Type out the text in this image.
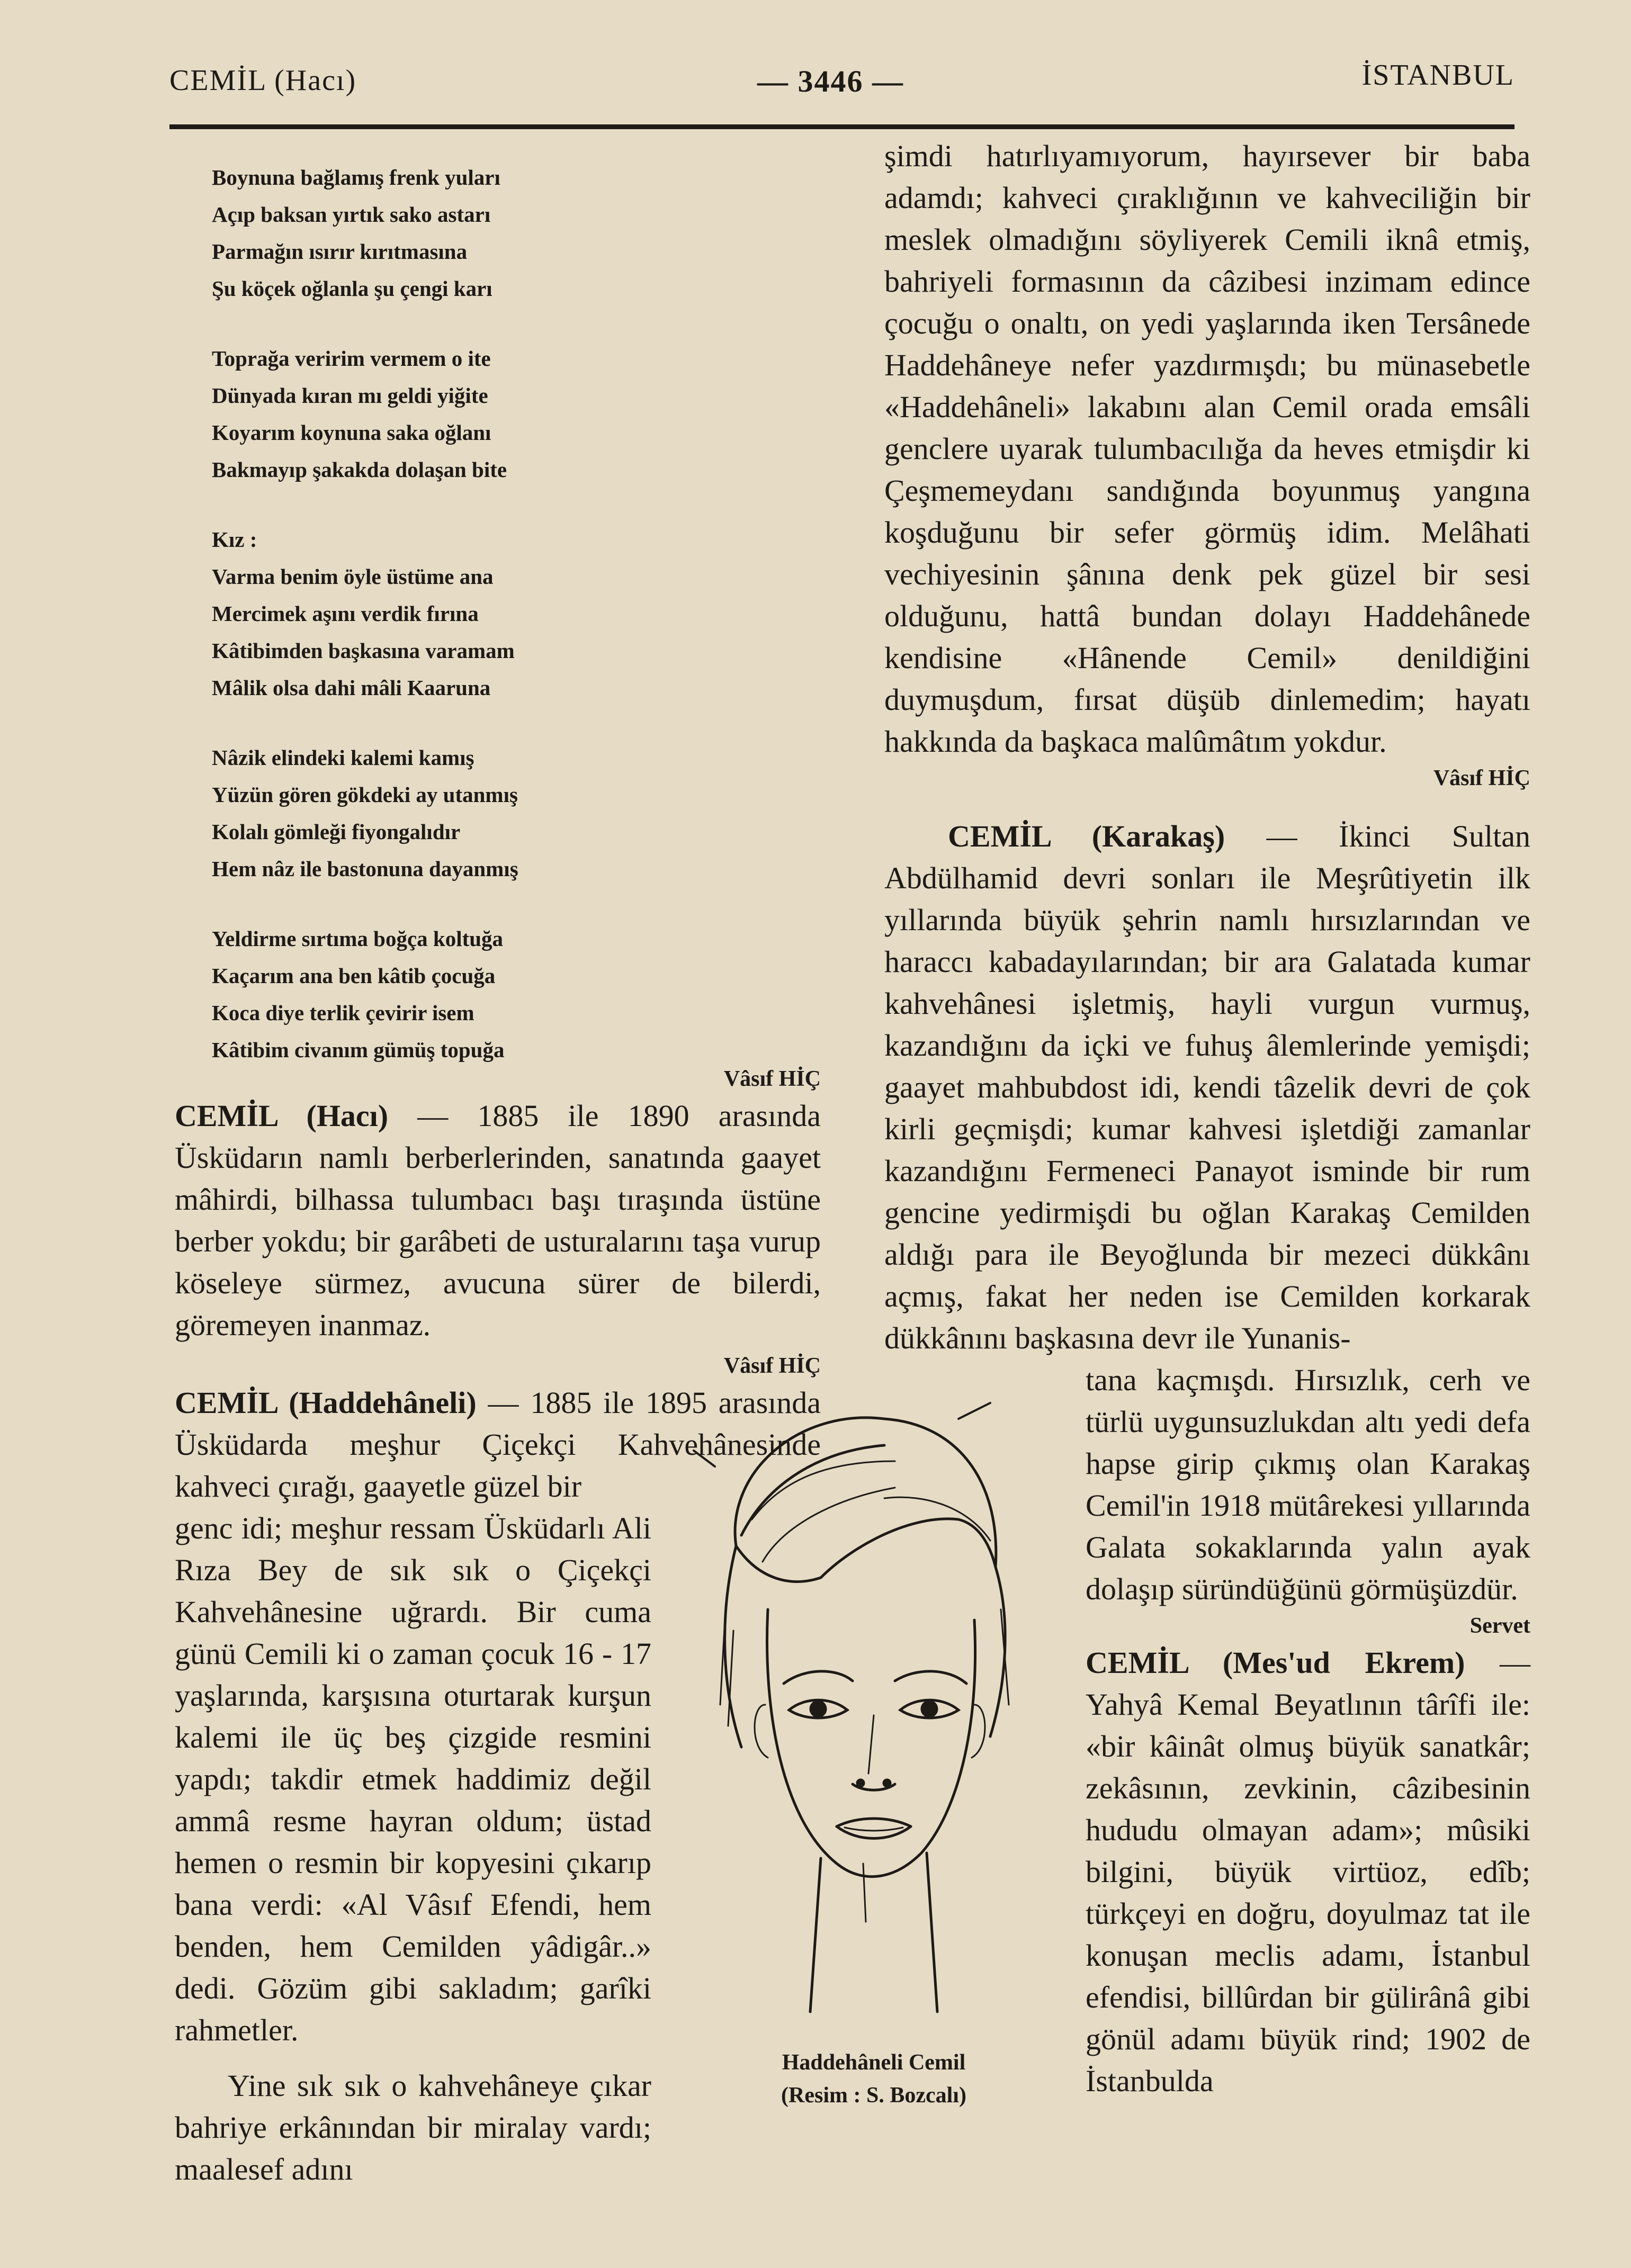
CEMİL (Hacı)	— 3446 —	İSTANBUL
Boynuna bağlamış frenk yuları
Açıp baksan yırtık sako astarı
Parmağın ısırır kırıtmasına
Şu köçek oğlanla şu çengi karı
Toprağa veririm vermem o ite
Dünyada kıran mı geldi yiğite
Koyarım koynuna saka oğlanı
Bakmayıp şakakda dolaşan bite
Kız :
Varma benim öyle üstüme ana
Mercimek aşını verdik fırına
Kâtibimden başkasına varamam
Mâlik olsa dahi mâli Kaaruna
Nâzik elindeki kalemi kamış
Yüzün gören gökdeki ay utanmış
Kolalı gömleği fiyongalıdır
Hem nâz ile bastonuna dayanmış
Yeldirme sırtıma boğça koltuğa
Kaçarım ana ben kâtib çocuğa
Koca diye terlik çevirir isem
Kâtibim civanım gümüş topuğa
Vâsıf HİÇ
CEMİL (Hacı) — 1885 ile 1890 arasında Üsküdarın namlı berberlerinden, sanatında gaayet mâhirdi, bilhassa tulumbacı başı tıraşında üstüne berber yokdu; bir garâbeti de usturalarını taşa vurup köseleye sürmez, avucuna sürer de bilerdi, göremeyen inanmaz.
Vâsıf HİÇ
CEMİL (Haddehâneli) — 1885 ile 1895 arasında Üsküdarda meşhur Çiçekçi Kahvehânesinde kahveci çırağı, gaayetle güzel bir
genc idi; meşhur ressam Üsküdarlı Ali Rıza Bey de sık sık o Çiçekçi Kahvehânesine uğrardı. Bir cuma günü Cemili ki o zaman çocuk 16 - 17 yaşlarında, karşısına oturtarak kurşun kalemi ile üç beş çizgide resmini yapdı; takdir etmek haddimiz değil ammâ resme hayran oldum; üstad hemen o resmin bir kopyesini çıkarıp bana verdi: «Al Vâsıf Efendi, hem benden, hem Cemilden yâdigâr..» dedi. Gözüm gibi sakladım; garîki rahmetler.
Yine sık sık o kahvehâneye çıkar bahriye erkânından bir miralay vardı; maalesef adını
Haddehâneli Cemil
(Resim : S. Bozcalı)
şimdi hatırlıyamıyorum, hayırsever bir baba adamdı; kahveci çıraklığının ve kahveciliğin bir meslek olmadığını söyliyerek Cemili iknâ etmiş, bahriyeli formasının da câzibesi inzimam edince çocuğu o onaltı, on yedi yaşlarında iken Tersânede Haddehâneye nefer yazdırmışdı; bu münasebetle «Haddehâneli» lakabını alan Cemil orada emsâli genclere uyarak tulumbacılığa da heves etmişdir ki Çeşmemeydanı sandığında boyunmuş yangına koşduğunu bir sefer görmüş idim. Melâhati vechiyesinin şânına denk pek güzel bir sesi olduğunu, hattâ bundan dolayı Haddehânede kendisine «Hânende Cemil» denildiğini duymuşdum, fırsat düşüb dinlemedim; hayatı hakkında da başkaca malûmâtım yokdur.
Vâsıf HİÇ
CEMİL (Karakaş) — İkinci Sultan Abdülhamid devri sonları ile Meşrûtiyetin ilk yıllarında büyük şehrin namlı hırsızlarından ve haraccı kabadayılarından; bir ara Galatada kumar kahvehânesi işletmiş, hayli vurgun vurmuş, kazandığını da içki ve fuhuş âlemlerinde yemişdi; gaayet mahbubdost idi, kendi tâzelik devri de çok kirli geçmişdi; kumar kahvesi işletdiği zamanlar kazandığını Fermeneci Panayot isminde bir rum gencine yedirmişdi bu oğlan Karakaş Cemilden aldığı para ile Beyoğlunda bir mezeci dükkânı açmış, fakat her neden ise Cemilden korkarak dükkânını başkasına devr ile Yunanis-
tana kaçmışdı. Hırsızlık, cerh ve türlü uygunsuzlukdan altı yedi defa hapse girip çıkmış olan Karakaş Cemil'in 1918 mütârekesi yıllarında Galata sokaklarında yalın ayak dolaşıp süründüğünü görmüşüzdür.
Servet
CEMİL (Mes'ud Ekrem) — Yahyâ Kemal Beyatlının târîfi ile: «bir kâinât olmuş büyük sanatkâr; zekâsının, zevkinin, câzibesinin hududu olmayan adam»; mûsiki bilgini, büyük virtüoz, edîb; türkçeyi en doğru, doyulmaz tat ile konuşan meclis adamı, İstanbul efendisi, billûrdan bir gülirânâ gibi gönül adamı büyük rind; 1902 de İstanbulda
